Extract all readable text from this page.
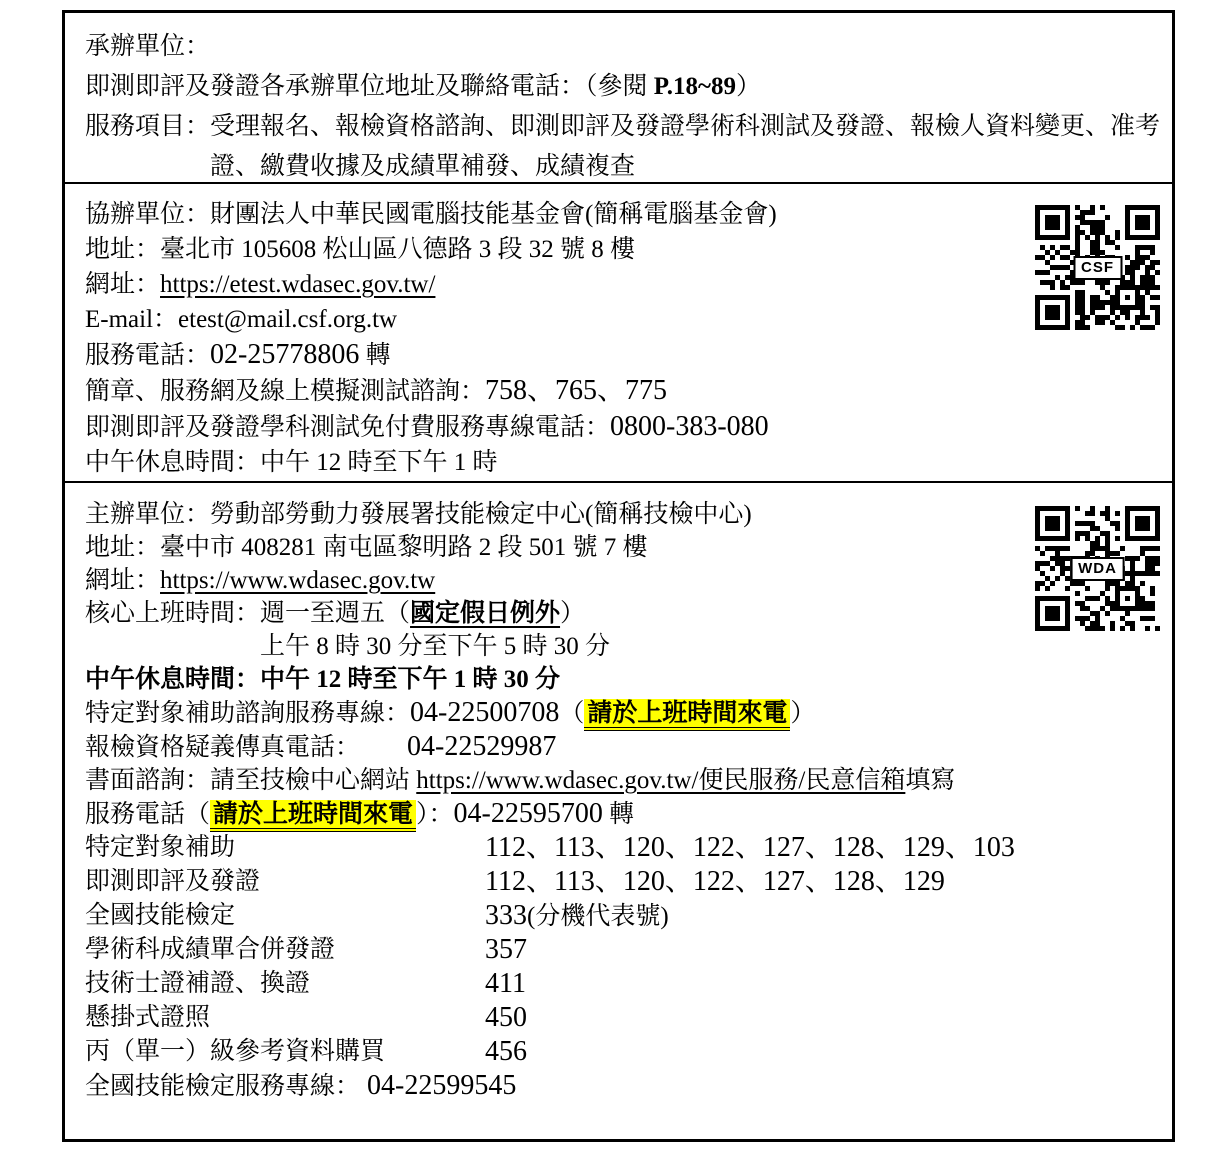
承辦單位：
即測即評及發證各承辦單位地址及聯絡電話：（參閱 P.18~89）
服務項目： 受理報名、報檢資格諮詢、即測即評及發證學術科測試及發證、報檢人資料變更、准考
證、繳費收據及成績單補發、成績複查
協辦單位：財團法人中華民國電腦技能基金會(簡稱電腦基金會)
地址：臺北市 105608 松山區八德路 3 段 32 號 8 樓
網址：https://etest.wdasec.gov.tw/
E-mail：etest@mail.csf.org.tw
服務電話：02-25778806 轉
簡章、服務網及線上模擬測試諮詢：758、765、775
即測即評及發證學科測試免付費服務專線電話：0800-383-080
中午休息時間：中午 12 時至下午 1 時
CSF
主辦單位：勞動部勞動力發展署技能檢定中心(簡稱技檢中心)
地址：臺中市 408281 南屯區黎明路 2 段 501 號 7 樓
網址：https://www.wdasec.gov.tw
核心上班時間： 週一至週五（國定假日例外）
上午 8 時 30 分至下午 5 時 30 分
中午休息時間：中午 12 時至下午 1 時 30 分
特定對象補助諮詢服務專線：04-22500708（ 請於上班時間來電 ）
報檢資格疑義傳真電話： 04-22529987
書面諮詢：請至技檢中心網站 https://www.wdasec.gov.tw/便民服務/民意信箱填寫
服務電話（ 請於上班時間來電 ）：04-22595700 轉
特定對象補助	112、113、120、122、127、128、129、103
即測即評及發證	112、113、120、122、127、128、129
全國技能檢定	333(分機代表號)
學術科成績單合併發證	357
技術士證補證、換證	411
懸掛式證照	450
丙（單一）級參考資料購買	456
全國技能檢定服務專線： 04-22599545
WDA
